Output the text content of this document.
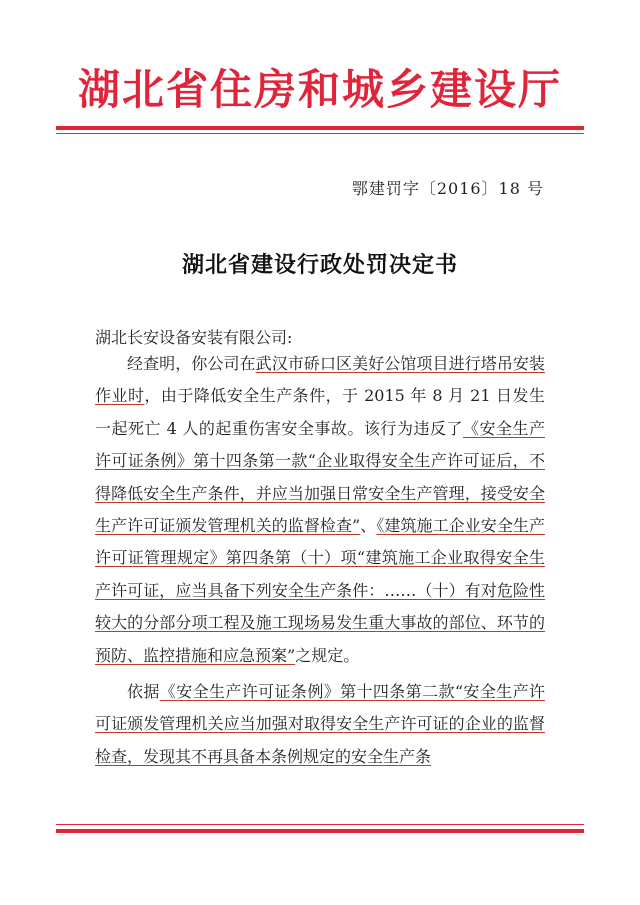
湖北省住房和城乡建设厅
鄂建罚字〔2016〕18 号
湖北省建设行政处罚决定书
湖北长安设备安装有限公司:

经查明，你公司在武汉市硚口区美好公馆项目进行塔吊安装作业时，由于降低安全生产条件，于 2015 年 8 月 21 日发生一起死亡 4 人的起重伤害安全事故。该行为违反了《安全生产许可证条例》第十四条第一款“企业取得安全生产许可证后，不得降低安全生产条件，并应当加强日常安全生产管理，接受安全生产许可证颁发管理机关的监督检查”、《建筑施工企业安全生产许可证管理规定》第四条第（十）项“建筑施工企业取得安全生产许可证，应当具备下列安全生产条件：……（十）有对危险性较大的分部分项工程及施工现场易发生重大事故的部位、环节的预防、监控措施和应急预案”之规定。

依据《安全生产许可证条例》第十四条第二款“安全生产许可证颁发管理机关应当加强对取得安全生产许可证的企业的监督检查，发现其不再具备本条例规定的安全生产条
